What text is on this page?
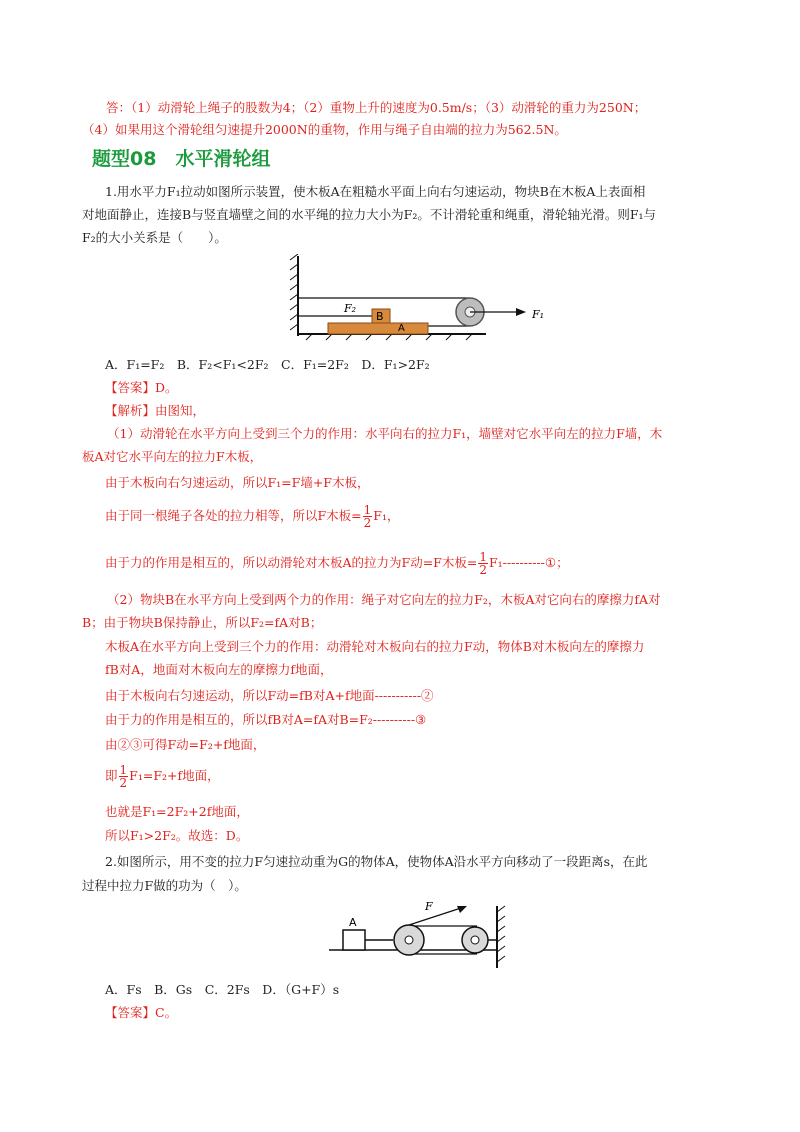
答：（1）动滑轮上绳子的股数为4；（2）重物上升的速度为0.5m/s；（3）动滑轮的重力为250N；
（4）如果用这个滑轮组匀速提升2000N的重物，作用与绳子自由端的拉力为562.5N。
题型08　水平滑轮组
1.用水平力F₁拉动如图所示装置，使木板A在粗糙水平面上向右匀速运动，物块B在木板A上表面相
对地面静止，连接B与竖直墙壁之间的水平绳的拉力大小为F₂。不计滑轮重和绳重，滑轮轴光滑。则F₁与
F₂的大小关系是（　　）。
F₂
B
A
F₁
A．F₁=F₂　B．F₂<F₁<2F₂　C．F₁=2F₂　D．F₁>2F₂
【答案】D。
【解析】由图知，
（1）动滑轮在水平方向上受到三个力的作用：水平向右的拉力F₁，墙壁对它水平向左的拉力F墙，木
板A对它水平向左的拉力F木板，
由于木板向右匀速运动，所以F₁=F墙+F木板，
由于同一根绳子各处的拉力相等，所以F木板= $\frac{1}{2} F_1$，
由于力的作用是相互的，所以动滑轮对木板A的拉力为F动=F木板= $\frac{1}{2}$ F₁----------①；
（2）物块B在水平方向上受到两个力的作用：绳子对它向左的拉力F₂，木板A对它向右的摩擦力fA对
B；由于物块B保持静止，所以F₂=fA对B；
木板A在水平方向上受到三个力的作用：动滑轮对木板向右的拉力F动，物体B对木板向左的摩擦力
fB对A，地面对木板向左的摩擦力f地面，
由于木板向右匀速运动，所以F动=fB对A+f地面-----------②
由于力的作用是相互的，所以fB对A=fA对B=F₂----------③
由②③可得F动=F₂+f地面，
即 $\frac{1}{2} F_1=F_2+f$地面，
也就是F₁=2F₂+2f地面，
所以F₁>2F₂。故选：D。
2.如图所示，用不变的拉力F匀速拉动重为G的物体A，使物体A沿水平方向移动了一段距离s，在此
过程中拉力F做的功为（　）。
A
F
A．Fs　B．Gs　C．2Fs　D．（G+F）s
【答案】C。
